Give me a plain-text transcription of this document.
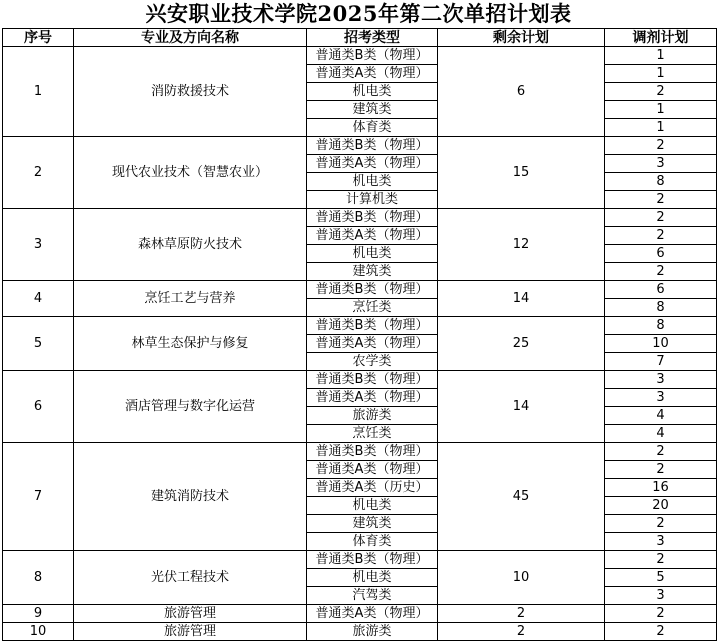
兴安职业技术学院2025年第二次单招计划表
序号	专业及方向名称	招考类型	剩余计划	调剂计划
1	消防救援技术	普通类B类（物理）	6	1
		普通类A类（物理）		1
		机电类		2
		建筑类		1
		体育类		1
2	现代农业技术（智慧农业）	普通类B类（物理）	15	2
		普通类A类（物理）		3
		机电类		8
		计算机类		2
3	森林草原防火技术	普通类B类（物理）	12	2
		普通类A类（物理）		2
		机电类		6
		建筑类		2
4	烹饪工艺与营养	普通类B类（物理）	14	6
		烹饪类		8
5	林草生态保护与修复	普通类B类（物理）	25	8
		普通类A类（物理）		10
		农学类		7
6	酒店管理与数字化运营	普通类B类（物理）	14	3
		普通类A类（物理）		3
		旅游类		4
		烹饪类		4
7	建筑消防技术	普通类B类（物理）	45	2
		普通类A类（物理）		2
		普通类A类（历史）		16
		机电类		20
		建筑类		2
		体育类		3
8	光伏工程技术	普通类B类（物理）	10	2
		机电类		5
		汽驾类		3
9	旅游管理	普通类A类（物理）	2	2
10	旅游管理	旅游类	2	2
